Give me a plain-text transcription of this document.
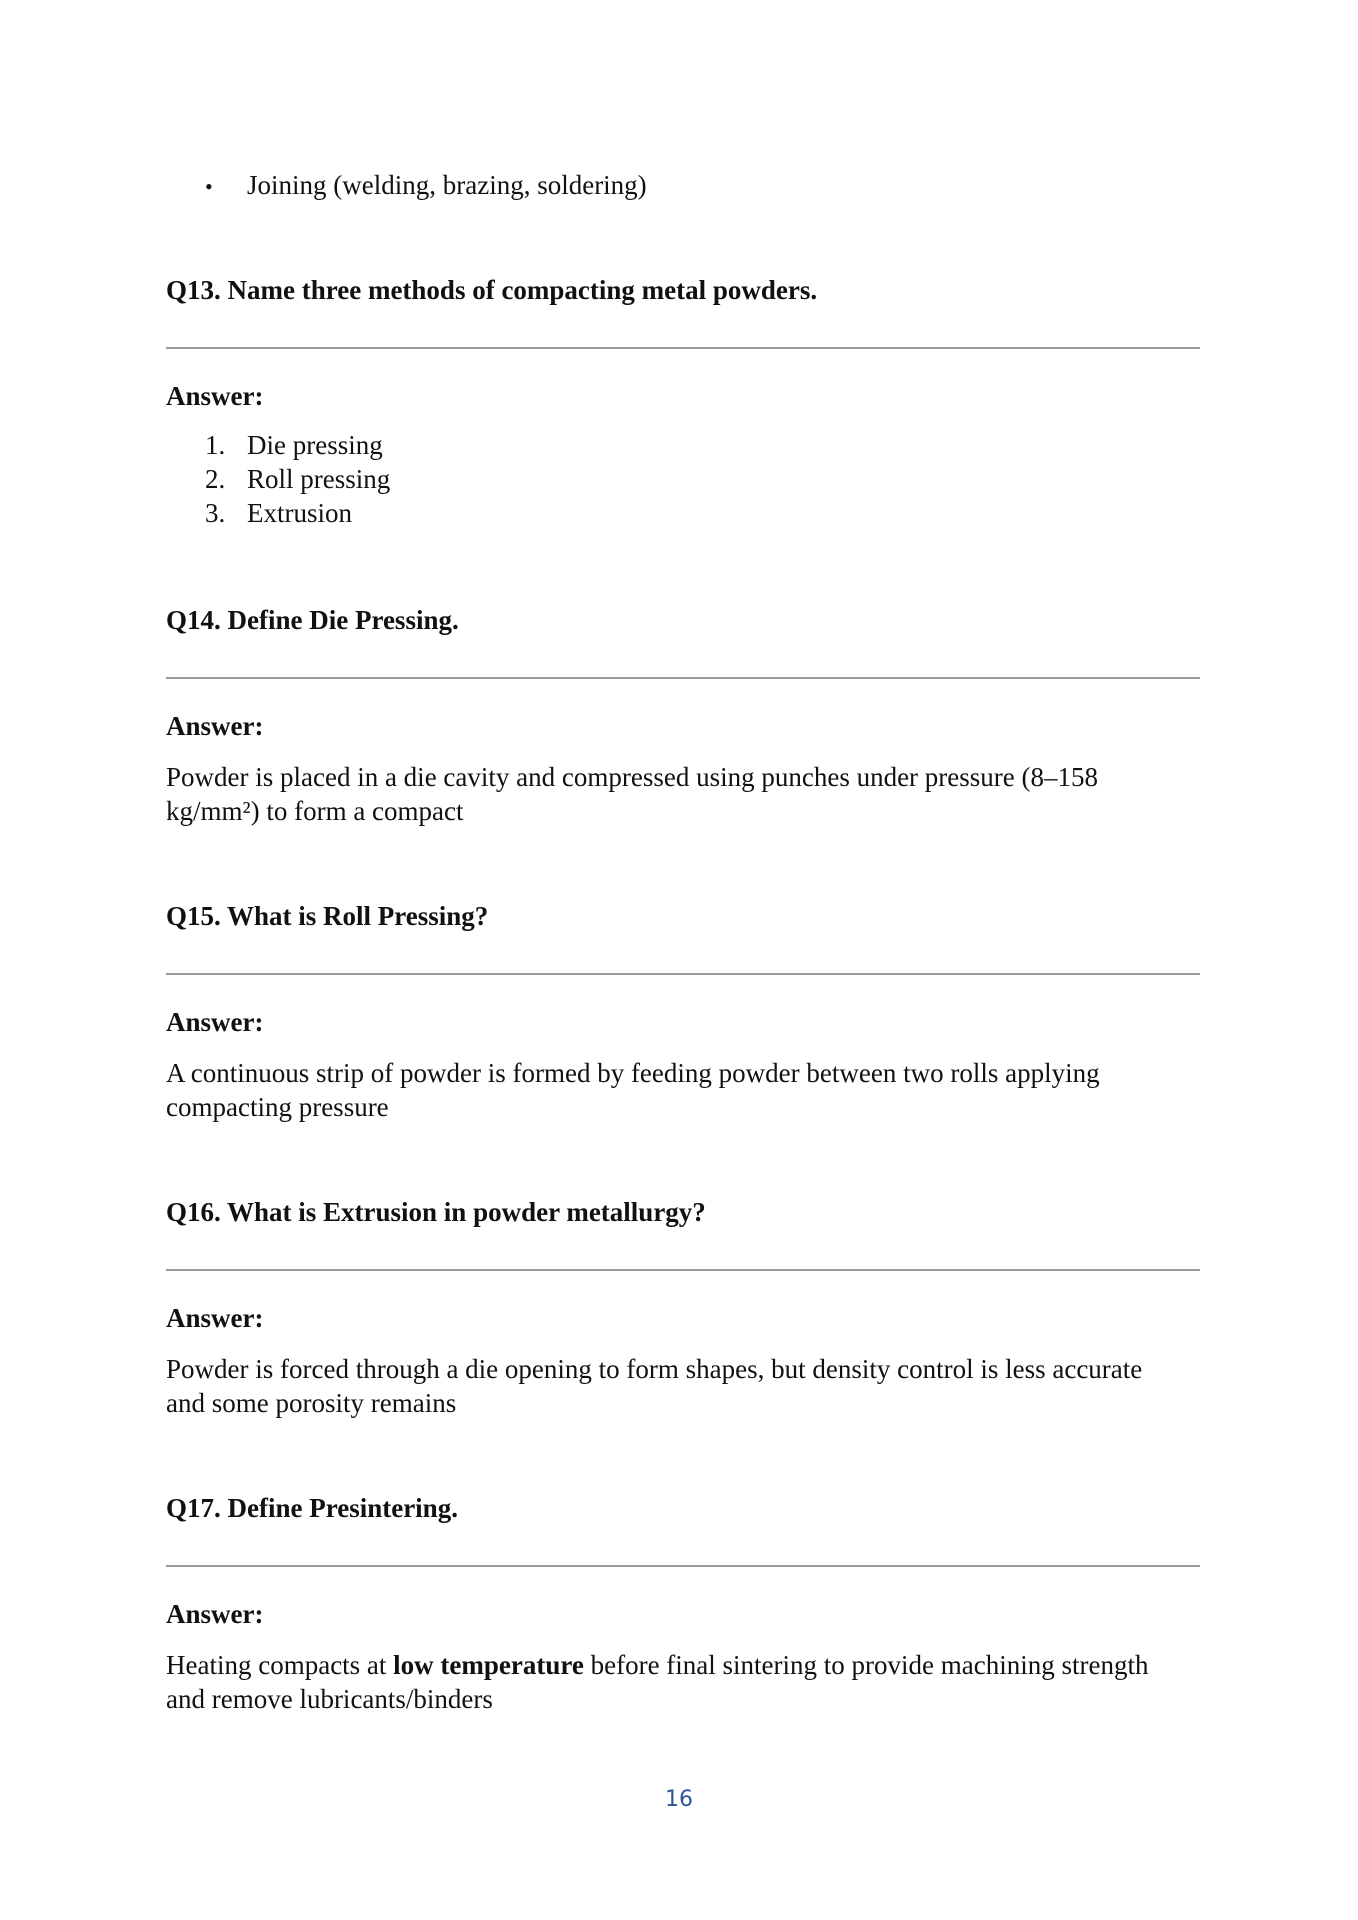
•	Joining (welding, brazing, soldering)
Q13. Name three methods of compacting metal powders.
Answer:
1. Die pressing
2. Roll pressing
3. Extrusion
Q14. Define Die Pressing.
Answer:
Powder is placed in a die cavity and compressed using punches under pressure (8–158
kg/mm²) to form a compact
Q15. What is Roll Pressing?
Answer:
A continuous strip of powder is formed by feeding powder between two rolls applying
compacting pressure
Q16. What is Extrusion in powder metallurgy?
Answer:
Powder is forced through a die opening to form shapes, but density control is less accurate
and some porosity remains
Q17. Define Presintering.
Answer:
Heating compacts at low temperature before final sintering to provide machining strength
and remove lubricants/binders
16
